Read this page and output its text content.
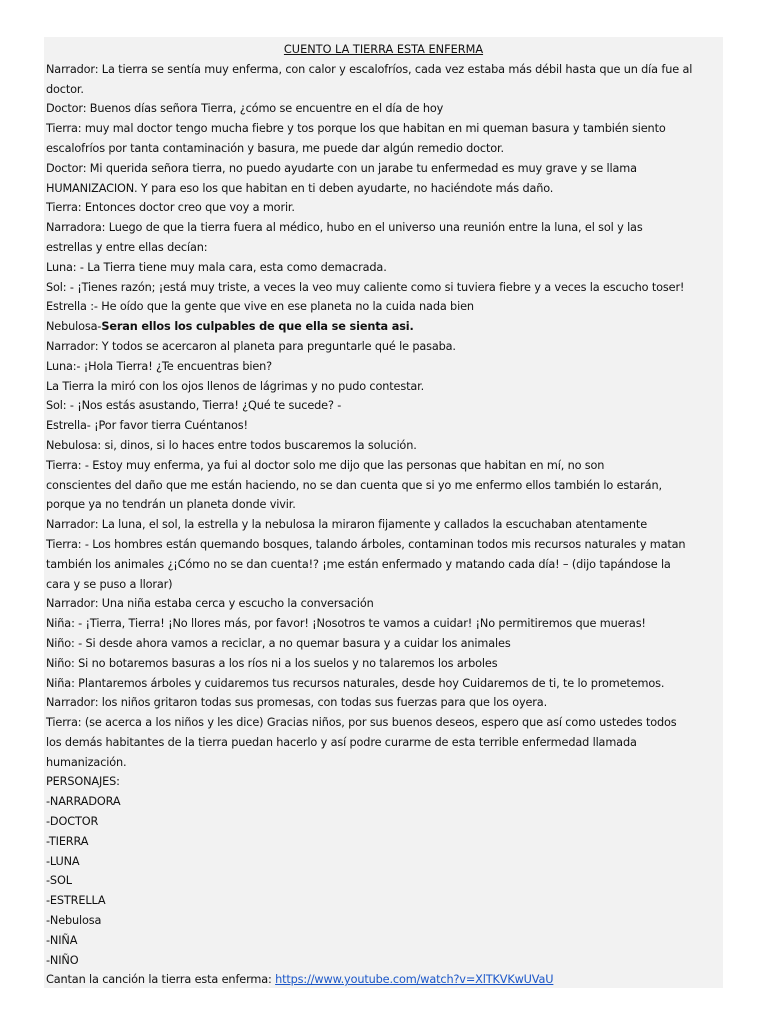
CUENTO LA TIERRA ESTA ENFERMA
Narrador: La tierra se sentía muy enferma, con calor y escalofríos, cada vez estaba más débil hasta que un día fue al
doctor.
Doctor: Buenos días señora Tierra, ¿cómo se encuentre en el día de hoy
Tierra: muy mal doctor tengo mucha fiebre y tos porque los que habitan en mi queman basura y también siento
escalofríos por tanta contaminación y basura, me puede dar algún remedio doctor.
Doctor: Mi querida señora tierra, no puedo ayudarte con un jarabe tu enfermedad es muy grave y se llama
HUMANIZACION. Y para eso los que habitan en ti deben ayudarte, no haciéndote más daño.
Tierra: Entonces doctor creo que voy a morir.
Narradora: Luego de que la tierra fuera al médico, hubo en el universo una reunión entre la luna, el sol y las
estrellas y entre ellas decían:
Luna: - La Tierra tiene muy mala cara, esta como demacrada.
Sol: - ¡Tienes razón; ¡está muy triste, a veces la veo muy caliente como si tuviera fiebre y a veces la escucho toser!
Estrella :- He oído que la gente que vive en ese planeta no la cuida nada bien
Nebulosa-Seran ellos los culpables de que ella se sienta asi.
Narrador: Y todos se acercaron al planeta para preguntarle qué le pasaba.
Luna:- ¡Hola Tierra! ¿Te encuentras bien?
La Tierra la miró con los ojos llenos de lágrimas y no pudo contestar.
Sol: - ¡Nos estás asustando, Tierra! ¿Qué te sucede? -
Estrella- ¡Por favor tierra Cuéntanos!
Nebulosa: si, dinos, si lo haces entre todos buscaremos la solución.
Tierra: - Estoy muy enferma, ya fui al doctor solo me dijo que las personas que habitan en mí, no son
conscientes del daño que me están haciendo, no se dan cuenta que si yo me enfermo ellos también lo estarán,
porque ya no tendrán un planeta donde vivir.
Narrador: La luna, el sol, la estrella y la nebulosa la miraron fijamente y callados la escuchaban atentamente
Tierra: - Los hombres están quemando bosques, talando árboles, contaminan todos mis recursos naturales y matan
también los animales ¿¡Cómo no se dan cuenta!? ¡me están enfermado y matando cada día! – (dijo tapándose la
cara y se puso a llorar)
Narrador: Una niña estaba cerca y escucho la conversación
Niña: - ¡Tierra, Tierra! ¡No llores más, por favor! ¡Nosotros te vamos a cuidar! ¡No permitiremos que mueras!
Niño: - Si desde ahora vamos a reciclar, a no quemar basura y a cuidar los animales
Niño: Si no botaremos basuras a los ríos ni a los suelos y no talaremos los arboles
Niña: Plantaremos árboles y cuidaremos tus recursos naturales, desde hoy Cuidaremos de ti, te lo prometemos.
Narrador: los niños gritaron todas sus promesas, con todas sus fuerzas para que los oyera.
Tierra: (se acerca a los niños y les dice) Gracias niños, por sus buenos deseos, espero que así como ustedes todos
los demás habitantes de la tierra puedan hacerlo y así podre curarme de esta terrible enfermedad llamada
humanización.
PERSONAJES:
-NARRADORA
-DOCTOR
-TIERRA
-LUNA
-SOL
-ESTRELLA
-Nebulosa
-NIÑA
-NIÑO
Cantan la canción la tierra esta enferma: https://www.youtube.com/watch?v=XlTKVKwUVaU
